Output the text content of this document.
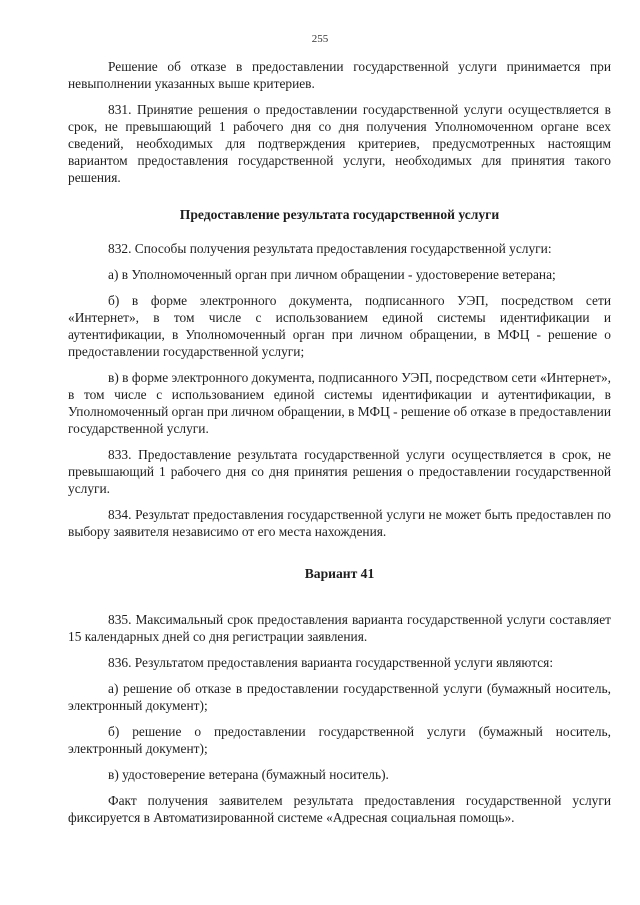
255

Решение об отказе в предоставлении государственной услуги принимается при невыполнении указанных выше критериев.

831. Принятие решения о предоставлении государственной услуги осуществляется в срок, не превышающий 1 рабочего дня со дня получения Уполномоченном органе всех сведений, необходимых для подтверждения критериев, предусмотренных настоящим вариантом предоставления государственной услуги, необходимых для принятия такого решения.

Предоставление результата государственной услуги

832. Способы получения результата предоставления государственной услуги:

а) в Уполномоченный орган при личном обращении - удостоверение ветерана;

б) в форме электронного документа, подписанного УЭП, посредством сети «Интернет», в том числе с использованием единой системы идентификации и аутентификации, в Уполномоченный орган при личном обращении, в МФЦ - решение о предоставлении государственной услуги;

в) в форме электронного документа, подписанного УЭП, посредством сети «Интернет», в том числе с использованием единой системы идентификации и аутентификации, в Уполномоченный орган при личном обращении, в МФЦ - решение об отказе в предоставлении государственной услуги.

833. Предоставление результата государственной услуги осуществляется в срок, не превышающий 1 рабочего дня со дня принятия решения о предоставлении государственной услуги.

834. Результат предоставления государственной услуги не может быть предоставлен по выбору заявителя независимо от его места нахождения.

Вариант 41

835. Максимальный срок предоставления варианта государственной услуги составляет 15 календарных дней со дня регистрации заявления.

836. Результатом предоставления варианта государственной услуги являются:

а) решение об отказе в предоставлении государственной услуги (бумажный носитель, электронный документ);

б) решение о предоставлении государственной услуги (бумажный носитель, электронный документ);

в) удостоверение ветерана (бумажный носитель).

Факт получения заявителем результата предоставления государственной услуги фиксируется в Автоматизированной системе «Адресная социальная помощь».
